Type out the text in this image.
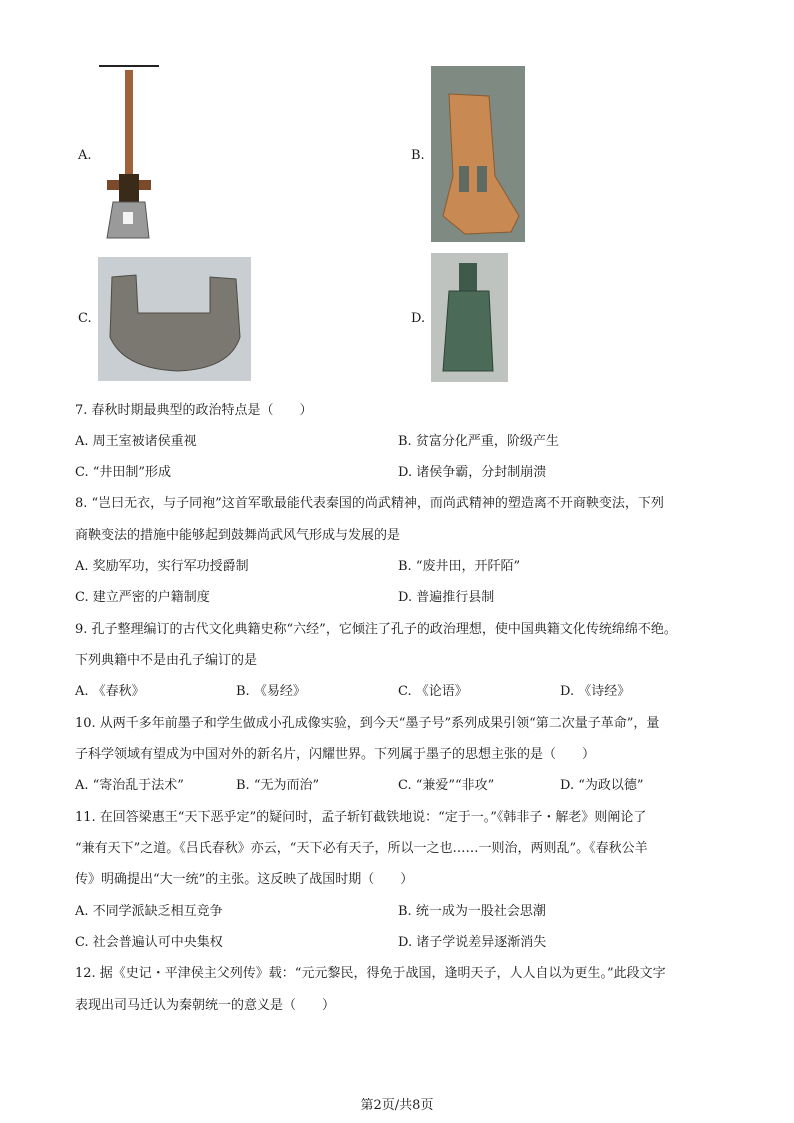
A.	B.
C.	D.
7. 春秋时期最典型的政治特点是（　　）
A. 周王室被诸侯重视	B. 贫富分化严重，阶级产生
C. “井田制”形成	D. 诸侯争霸，分封制崩溃
8. “岂曰无衣，与子同袍”这首军歌最能代表秦国的尚武精神，而尚武精神的塑造离不开商鞅变法，下列
商鞅变法的措施中能够起到鼓舞尚武风气形成与发展的是
A. 奖励军功，实行军功授爵制	B. “废井田，开阡陌”
C. 建立严密的户籍制度	D. 普遍推行县制
9. 孔子整理编订的古代文化典籍史称“六经”，它倾注了孔子的政治理想，使中国典籍文化传统绵绵不绝。
下列典籍中不是由孔子编订的是
A. 《春秋》	B. 《易经》	C. 《论语》	D. 《诗经》
10. 从两千多年前墨子和学生做成小孔成像实验，到今天“墨子号”系列成果引领“第二次量子革命”，量
子科学领域有望成为中国对外的新名片，闪耀世界。下列属于墨子的思想主张的是（　　）
A. “寄治乱于法术”	B. “无为而治”	C. “兼爱”“非攻”	D. “为政以德”
11. 在回答梁惠王“天下恶乎定”的疑问时，孟子斩钉截铁地说：“定于一。”《韩非子・解老》则阐论了
“兼有天下”之道。《吕氏春秋》亦云，“天下必有天子，所以一之也……一则治，两则乱”。《春秋公羊
传》明确提出“大一统”的主张。这反映了战国时期（　　）
A. 不同学派缺乏相互竞争	B. 统一成为一股社会思潮
C. 社会普遍认可中央集权	D. 诸子学说差异逐渐消失
12. 据《史记・平津侯主父列传》载：“元元黎民，得免于战国，逢明天子，人人自以为更生。”此段文字
表现出司马迁认为秦朝统一的意义是（　　）
第2页/共8页
